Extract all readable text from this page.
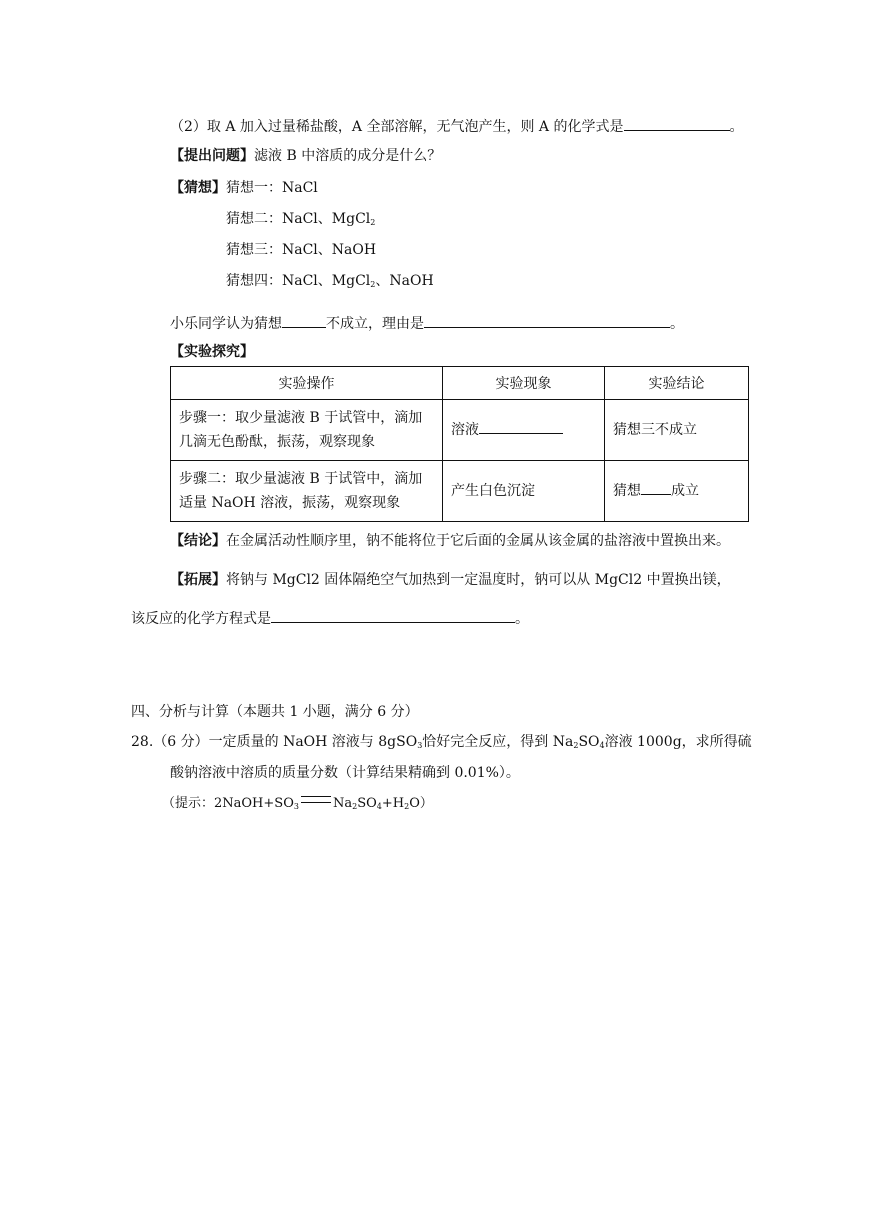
（2）取 A 加入过量稀盐酸，A 全部溶解，无气泡产生，则 A 的化学式是	。
【提出问题】滤液 B 中溶质的成分是什么？
【猜想】猜想一：NaCl
猜想二：NaCl、MgCl$_2$
猜想三：NaCl、NaOH
猜想四：NaCl、MgCl$_2$、NaOH
小乐同学认为猜想	不成立，理由是	。
【实验探究】
实验操作	实验现象	实验结论

步骤一：取少量滤液 B 于试管中，滴加
几滴无色酚酞，振荡，观察现象	溶液	猜想三不成立

步骤二：取少量滤液 B 于试管中，滴加
适量 NaOH 溶液，振荡，观察现象	产生白色沉淀	猜想 成立
【结论】在金属活动性顺序里，钠不能将位于它后面的金属从该金属的盐溶液中置换出来。
【拓展】将钠与 MgCl2 固体隔绝空气加热到一定温度时，钠可以从 MgCl2 中置换出镁，
该反应的化学方程式是	。
四、分析与计算（本题共 1 小题，满分 6 分）
28.（6 分）一定质量的 NaOH 溶液与 8gSO$_3$恰好完全反应，得到 $Na_2SO_4$溶液 1000g，求所得硫
酸钠溶液中溶质的质量分数（计算结果精确到 0.01%）。
（提示：$2NaOH+SO_3$	$Na_2SO_4+H_2O$）
